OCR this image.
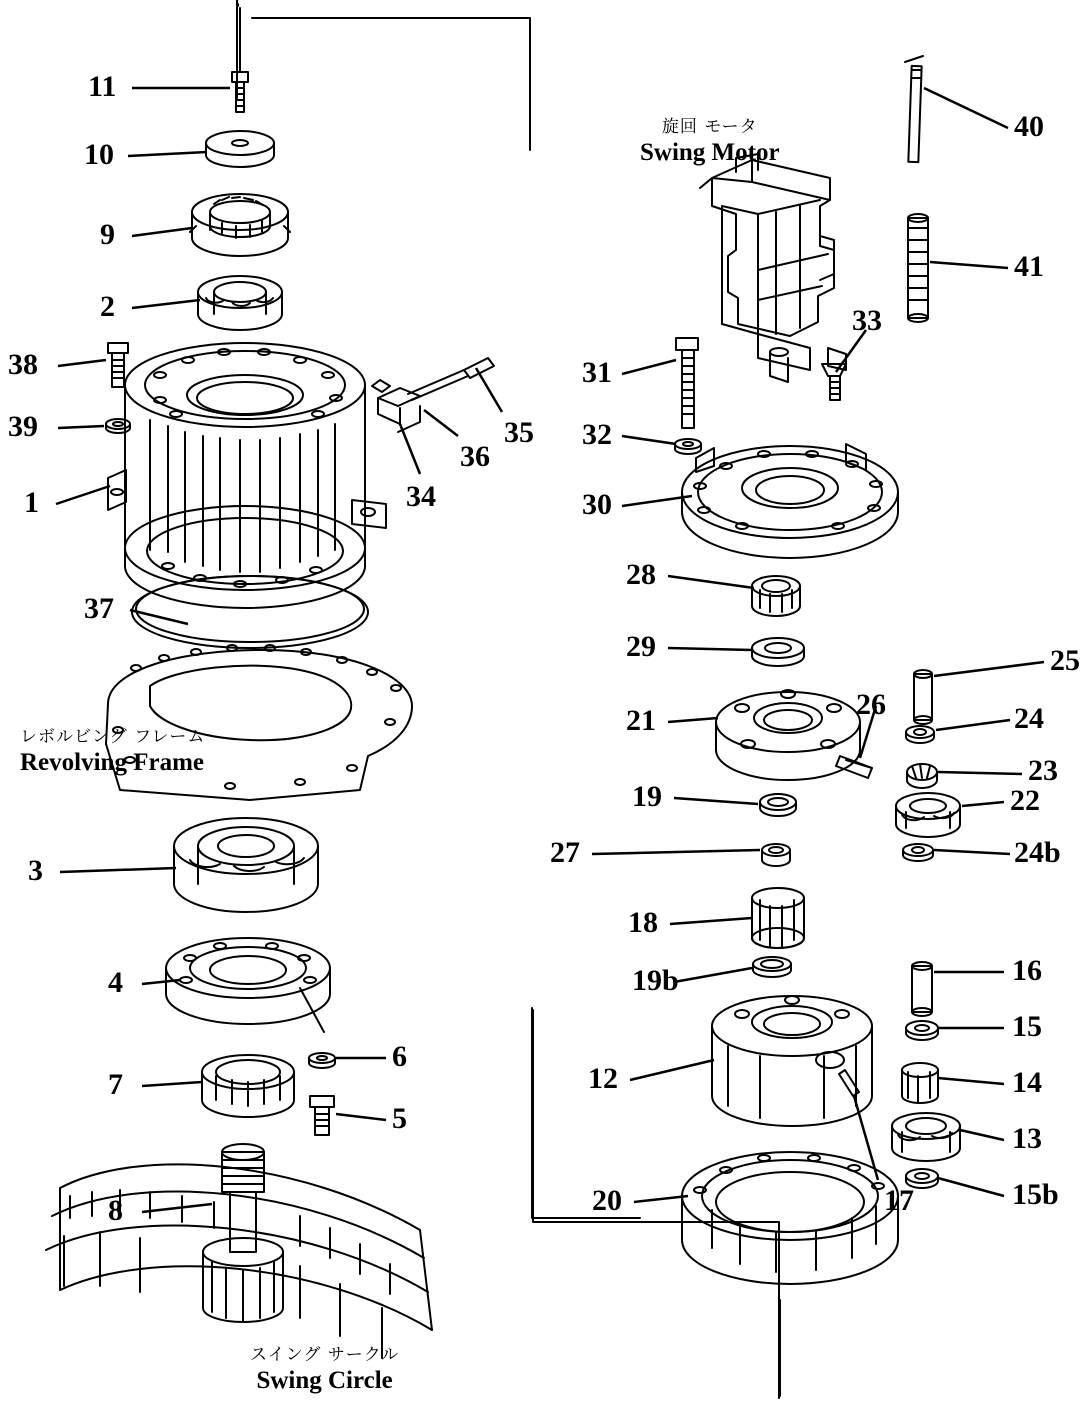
11
10
9
2
38
39
1
37
34
36
35
3
4
7
6
5
8
40
41
33
31
32
30
28
29
21	26
25
24
23
22
24b
19
27
18
19b	16
15
14
13
15b
12
17
20
旋回 モータ
Swing Motor
レボルビング フレーム
Revolving Frame
スイング サークル
Swing Circle
